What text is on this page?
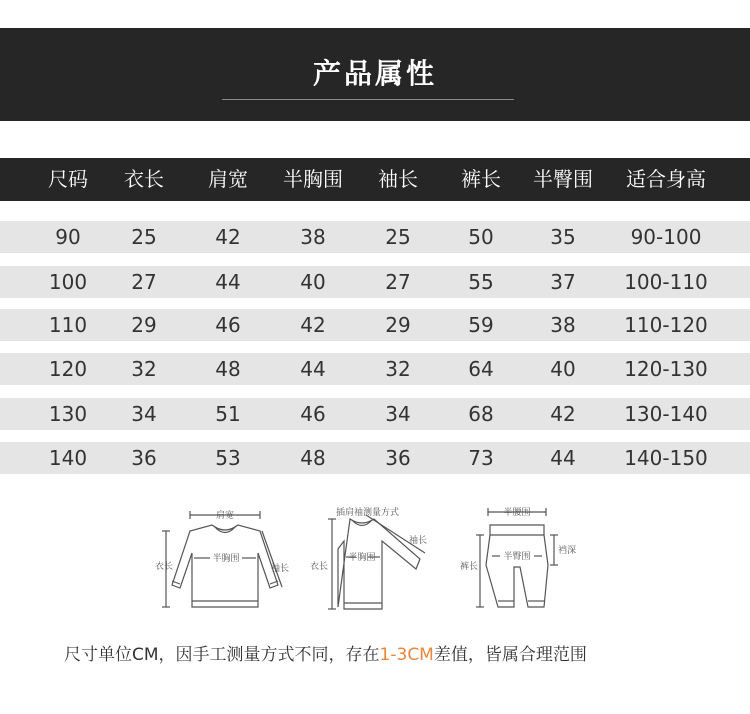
产品属性
尺码	衣长	肩宽	半胸围	袖长	裤长	半臀围	适合身高
90	25	42	38	25	50	35	90-100
100	27	44	40	27	55	37	100-110
110	29	46	42	29	59	38	110-120
120	32	48	44	32	64	40	120-130
130	34	51	46	34	68	42	130-140
140	36	53	48	36	73	44	140-150
肩宽
半胸围
衣长	袖长
插肩袖测量方式
半胸围
衣长
袖长
半腰围
半臀围
裆深
裤长
尺寸单位CM，因手工测量方式不同，存在1-3CM差值，皆属合理范围
